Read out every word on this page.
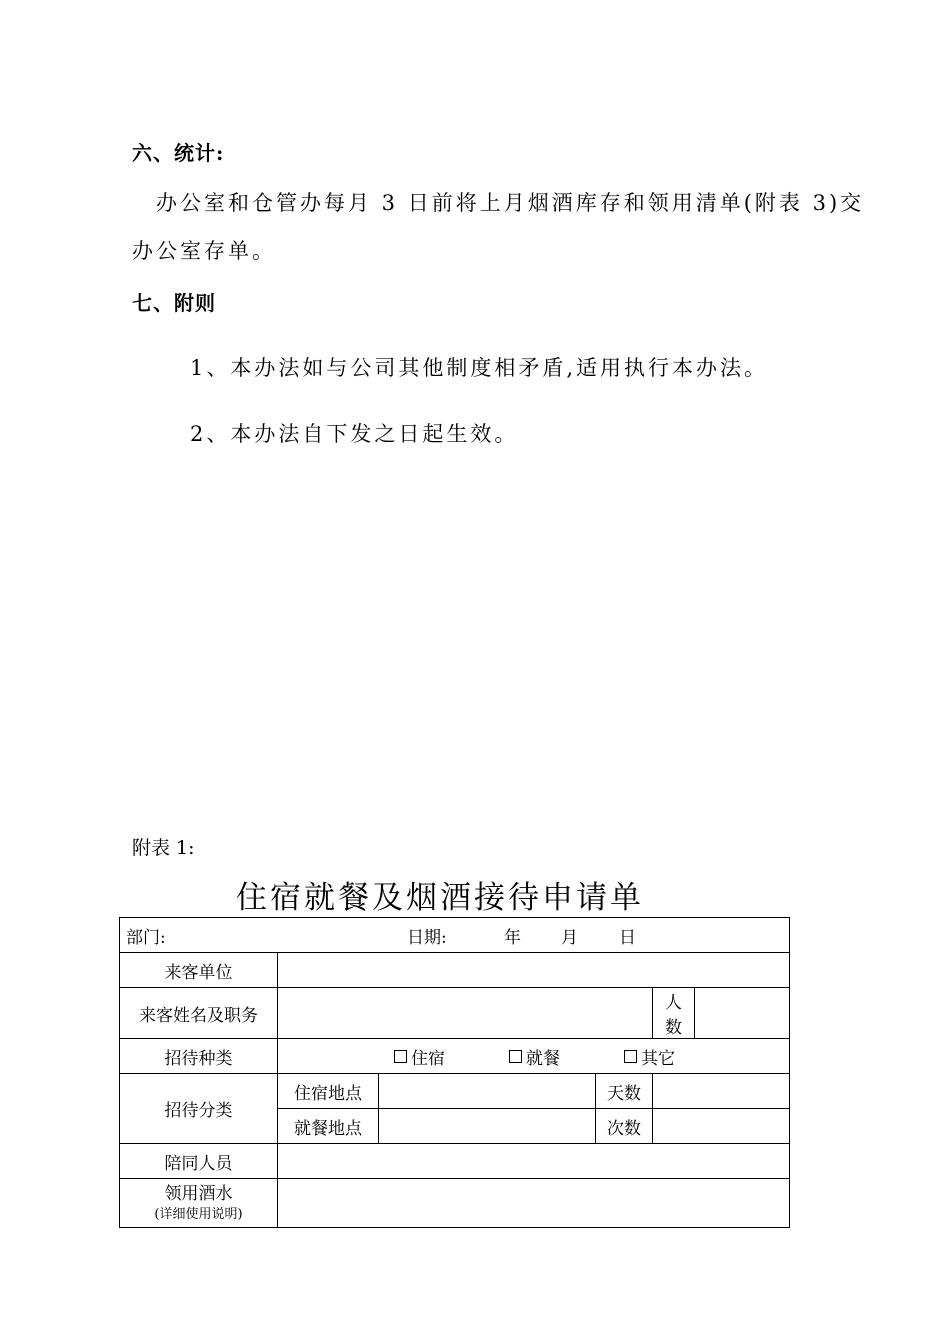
六、统计:
办公室和仓管办每月 3 日前将上月烟酒库存和领用清单(附表 3)交
办公室存单。
七、附则
1、本办法如与公司其他制度相矛盾,适用执行本办法。
2、本办法自下发之日起生效。
附表 1:
住宿就餐及烟酒接待申请单
部门: 日期: 年 月 日					

来客单位					
来客姓名及职务				人数	
招待种类	住宿 就餐 其它				

招待分类	住宿地点		天数		
	就餐地点		次数		
陪同人员					

领用酒水
(详细使用说明)					
